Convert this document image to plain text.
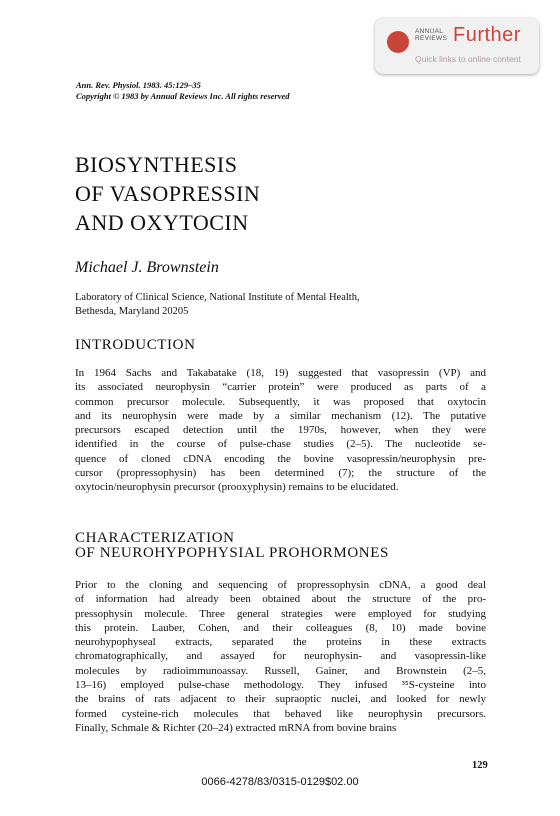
ANNUAL
REVIEWS Further
Quick links to online content
Ann. Rev. Physiol. 1983. 45:129–35
Copyright © 1983 by Annual Reviews Inc. All rights reserved
BIOSYNTHESIS
OF VASOPRESSIN
AND OXYTOCIN
Michael J. Brownstein
Laboratory of Clinical Science, National Institute of Mental Health,
Bethesda, Maryland 20205
INTRODUCTION
In 1964 Sachs and Takabatake (18, 19) suggested that vasopressin (VP) and
its associated neurophysin “carrier protein” were produced as parts of a
common precursor molecule. Subsequently, it was proposed that oxytocin
and its neurophysin were made by a similar mechanism (12). The putative
precursors escaped detection until the 1970s, however, when they were
identified in the course of pulse-chase studies (2–5). The nucleotide se-
quence of cloned cDNA encoding the bovine vasopressin/neurophysin pre-
cursor (propressophysin) has been determined (7); the structure of the
oxytocin/neurophysin precursor (prooxyphysin) remains to be elucidated.
CHARACTERIZATION
OF NEUROHYPOPHYSIAL PROHORMONES
Prior to the cloning and sequencing of propressophysin cDNA, a good deal
of information had already been obtained about the structure of the pro-
pressophysin molecule. Three general strategies were employed for studying
this protein. Lauber, Cohen, and their colleagues (8, 10) made bovine
neurohypophyseal extracts, separated the proteins in these extracts
chromatographically, and assayed for neurophysin- and vasopressin-like
molecules by radioimmunoassay. Russell, Gainer, and Brownstein (2–5,
13–16) employed pulse-chase methodology. They infused ³⁵S-cysteine into
the brains of rats adjacent to their supraoptic nuclei, and looked for newly
formed cysteine-rich molecules that behaved like neurophysin precursors.
Finally, Schmale & Richter (20–24) extracted mRNA from bovine brains
129
0066-4278/83/0315-0129$02.00
